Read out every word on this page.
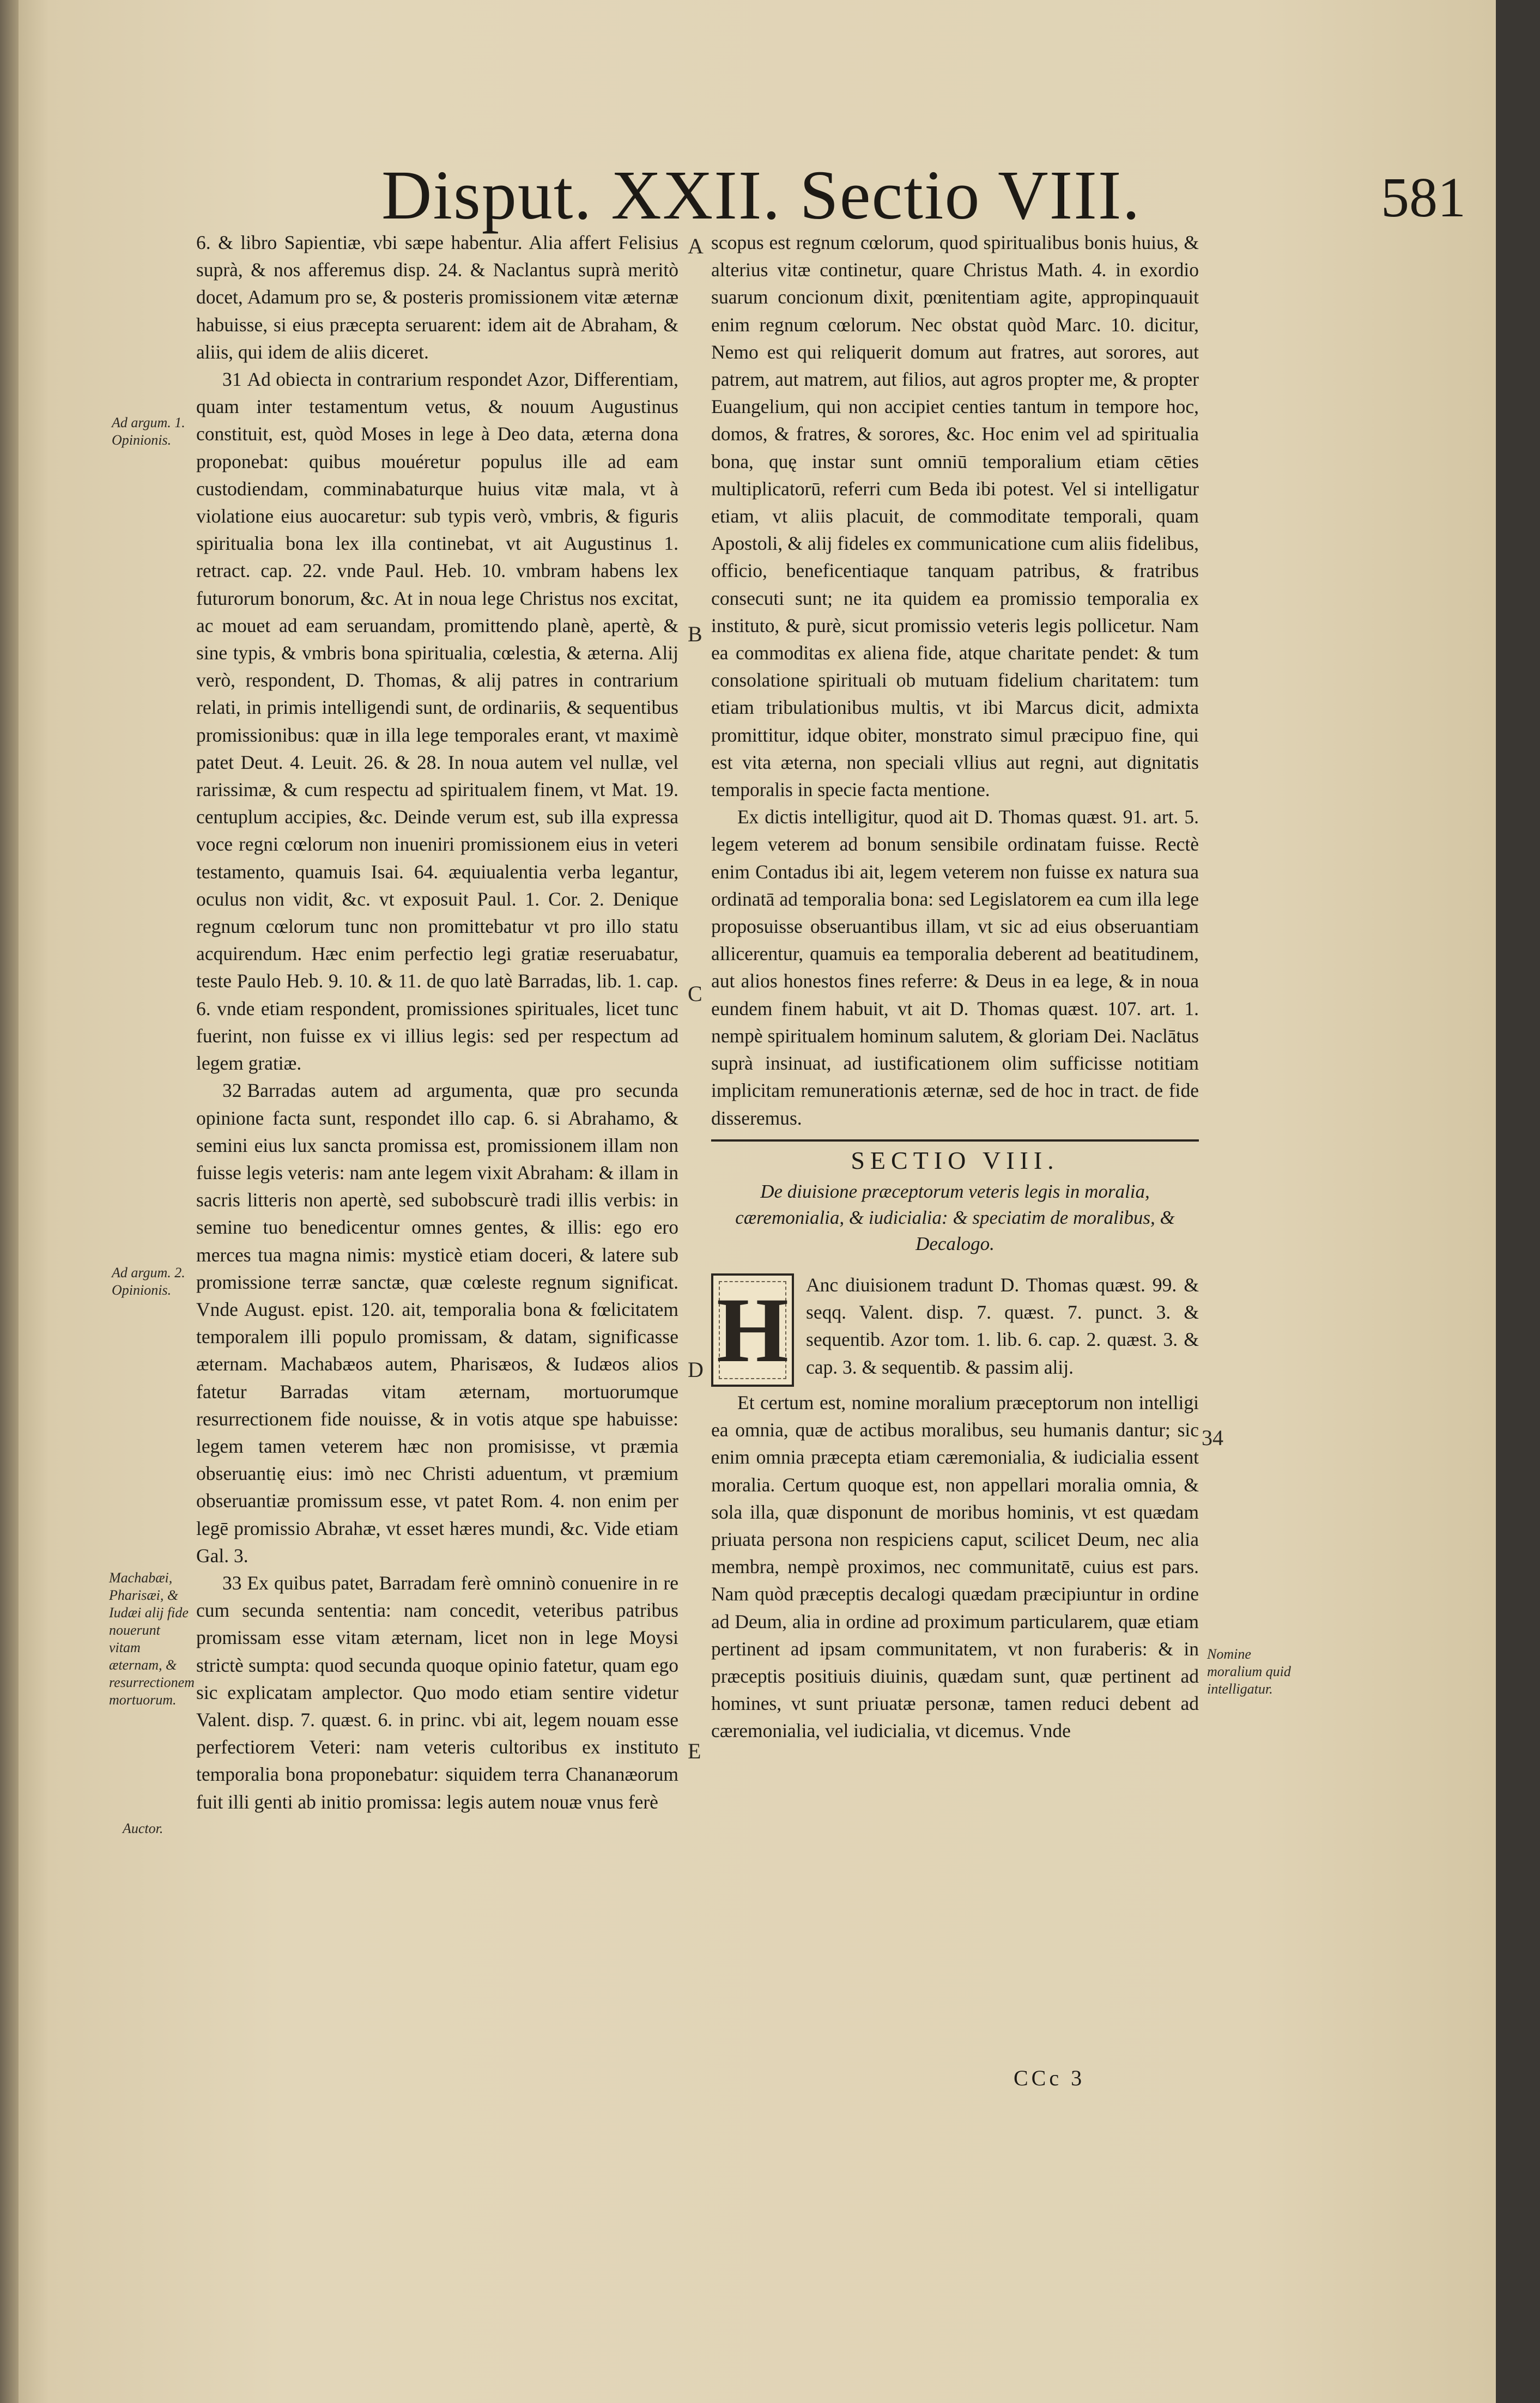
Disput. XXII. Sectio VIII.	581

6. & libro Sapientiæ, vbi sæpe habentur. Alia affert Felisius suprà, & nos afferemus disp. 24. & Naclantus suprà meritò docet, Adamum pro se, & posteris promissionem vitæ æternæ habuisse, si eius præcepta seruarent: idem ait de Abraham, & aliis, qui idem de aliis diceret.

31 Ad obiecta in contrarium respondet Azor, Differentiam, quam inter testamentum vetus, & nouum Augustinus constituit, est, quòd Moses in lege à Deo data, æterna dona proponebat: quibus mouéretur populus ille ad eam custodiendam, comminabaturque huius vitæ mala, vt à violatione eius auocaretur: sub typis verò, vmbris, & figuris spiritualia bona lex illa continebat, vt ait Augustinus 1. retract. cap. 22. vnde Paul. Heb. 10. vmbram habens lex futurorum bonorum, &c. At in noua lege Christus nos excitat, ac mouet ad eam seruandam, promittendo planè, apertè, & sine typis, & vmbris bona spiritualia, cœlestia, & æterna. Alij verò, respondent, D. Thomas, & alij patres in contrarium relati, in primis intelligendi sunt, de ordinariis, & sequentibus promissionibus: quæ in illa lege temporales erant, vt maximè patet Deut. 4. Leuit. 26. & 28. In noua autem vel nullæ, vel rarissimæ, & cum respectu ad spiritualem finem, vt Mat. 19. centuplum accipies, &c. Deinde verum est, sub illa expressa voce regni cœlorum non inueniri promissionem eius in veteri testamento, quamuis Isai. 64. æquiualentia verba legantur, oculus non vidit, &c. vt exposuit Paul. 1. Cor. 2. Denique regnum cœlorum tunc non promittebatur vt pro illo statu acquirendum. Hæc enim perfectio legi gratiæ reseruabatur, teste Paulo Heb. 9. 10. & 11. de quo latè Barradas, lib. 1. cap. 6. vnde etiam respondent, promissiones spirituales, licet tunc fuerint, non fuisse ex vi illius legis: sed per respectum ad legem gratiæ.

32 Barradas autem ad argumenta, quæ pro secunda opinione facta sunt, respondet illo cap. 6. si Abrahamo, & semini eius lux sancta promissa est, promissionem illam non fuisse legis veteris: nam ante legem vixit Abraham: & illam in sacris litteris non apertè, sed subobscurè tradi illis verbis: in semine tuo benedicentur omnes gentes, & illis: ego ero merces tua magna nimis: mysticè etiam doceri, & latere sub promissione terræ sanctæ, quæ cœleste regnum significat. Vnde August. epist. 120. ait, temporalia bona & fœlicitatem temporalem illi populo promissam, & datam, significasse æternam. Machabæos autem, Pharisæos, & Iudæos alios fatetur Barradas vitam æternam, mortuorumque resurrectionem fide nouisse, & in votis atque spe habuisse: legem tamen veterem hæc non promisisse, vt præmia obseruantię eius: imò nec Christi aduentum, vt præmium obseruantiæ promissum esse, vt patet Rom. 4. non enim per legē promissio Abrahæ, vt esset hæres mundi, &c. Vide etiam Gal. 3.

33 Ex quibus patet, Barradam ferè omninò conuenire in re cum secunda sententia: nam concedit, veteribus patribus promissam esse vitam æternam, licet non in lege Moysi strictè sumpta: quod secunda quoque opinio fatetur, quam ego sic explicatam amplector. Quo modo etiam sentire videtur Valent. disp. 7. quæst. 6. in princ. vbi ait, legem nouam esse perfectiorem Veteri: nam veteris cultoribus ex instituto temporalia bona proponebatur: siquidem terra Chananæorum fuit illi genti ab initio promissa: legis autem nouæ vnus ferè

scopus est regnum cœlorum, quod spiritualibus bonis huius, & alterius vitæ continetur, quare Christus Math. 4. in exordio suarum concionum dixit, pœnitentiam agite, appropinquauit enim regnum cœlorum. Nec obstat quòd Marc. 10. dicitur, Nemo est qui reliquerit domum aut fratres, aut sorores, aut patrem, aut matrem, aut filios, aut agros propter me, & propter Euangelium, qui non accipiet centies tantum in tempore hoc, domos, & fratres, & sorores, &c. Hoc enim vel ad spiritualia bona, quę instar sunt omniū temporalium etiam cēties multiplicatorū, referri cum Beda ibi potest. Vel si intelligatur etiam, vt aliis placuit, de commoditate temporali, quam Apostoli, & alij fideles ex communicatione cum aliis fidelibus, officio, beneficentiaque tanquam patribus, & fratribus consecuti sunt; ne ita quidem ea promissio temporalia ex instituto, & purè, sicut promissio veteris legis pollicetur. Nam ea commoditas ex aliena fide, atque charitate pendet: & tum consolatione spirituali ob mutuam fidelium charitatem: tum etiam tribulationibus multis, vt ibi Marcus dicit, admixta promittitur, idque obiter, monstrato simul præcipuo fine, qui est vita æterna, non speciali vllius aut regni, aut dignitatis temporalis in specie facta mentione.

Ex dictis intelligitur, quod ait D. Thomas quæst. 91. art. 5. legem veterem ad bonum sensibile ordinatam fuisse. Rectè enim Contadus ibi ait, legem veterem non fuisse ex natura sua ordinatā ad temporalia bona: sed Legislatorem ea cum illa lege proposuisse obseruantibus illam, vt sic ad eius obseruantiam allicerentur, quamuis ea temporalia deberent ad beatitudinem, aut alios honestos fines referre: & Deus in ea lege, & in noua eundem finem habuit, vt ait D. Thomas quæst. 107. art. 1. nempè spiritualem hominum salutem, & gloriam Dei. Naclātus suprà insinuat, ad iustificationem olim sufficisse notitiam implicitam remunerationis æternæ, sed de hoc in tract. de fide disseremus.

SECTIO VIII.
De diuisione præceptorum veteris legis in moralia, cæremonialia, & iudicialia: & speciatim de moralibus, & Decalogo.
H Anc diuisionem tradunt D. Thomas quæst. 99. & seqq. Valent. disp. 7. quæst. 7. punct. 3. & sequentib. Azor tom. 1. lib. 6. cap. 2. quæst. 3. & cap. 3. & sequentib. & passim alij.

Et certum est, nomine moralium præceptorum non intelligi ea omnia, quæ de actibus moralibus, seu humanis dantur; sic enim omnia præcepta etiam cæremonialia, & iudicialia essent moralia. Certum quoque est, non appellari moralia omnia, & sola illa, quæ disponunt de moribus hominis, vt est quædam priuata persona non respiciens caput, scilicet Deum, nec alia membra, nempè proximos, nec communitatē, cuius est pars. Nam quòd præceptis decalogi quædam præcipiuntur in ordine ad Deum, alia in ordine ad proximum particularem, quæ etiam pertinent ad ipsam communitatem, vt non furaberis: & in præceptis positiuis diuinis, quædam sunt, quæ pertinent ad homines, vt sunt priuatæ personæ, tamen reduci debent ad cæremonialia, vel iudicialia, vt dicemus. Vnde

Ad argum. 1. Opinionis.
Ad argum. 2. Opinionis.
Machabæi, Pharisæi, & Iudæi alij fide nouerunt vitam æternam, & resurrectionem mortuorum.
Auctor.
Nomine moralium quid intelligatur.
34
A
B
C
D
E
CCc 3
